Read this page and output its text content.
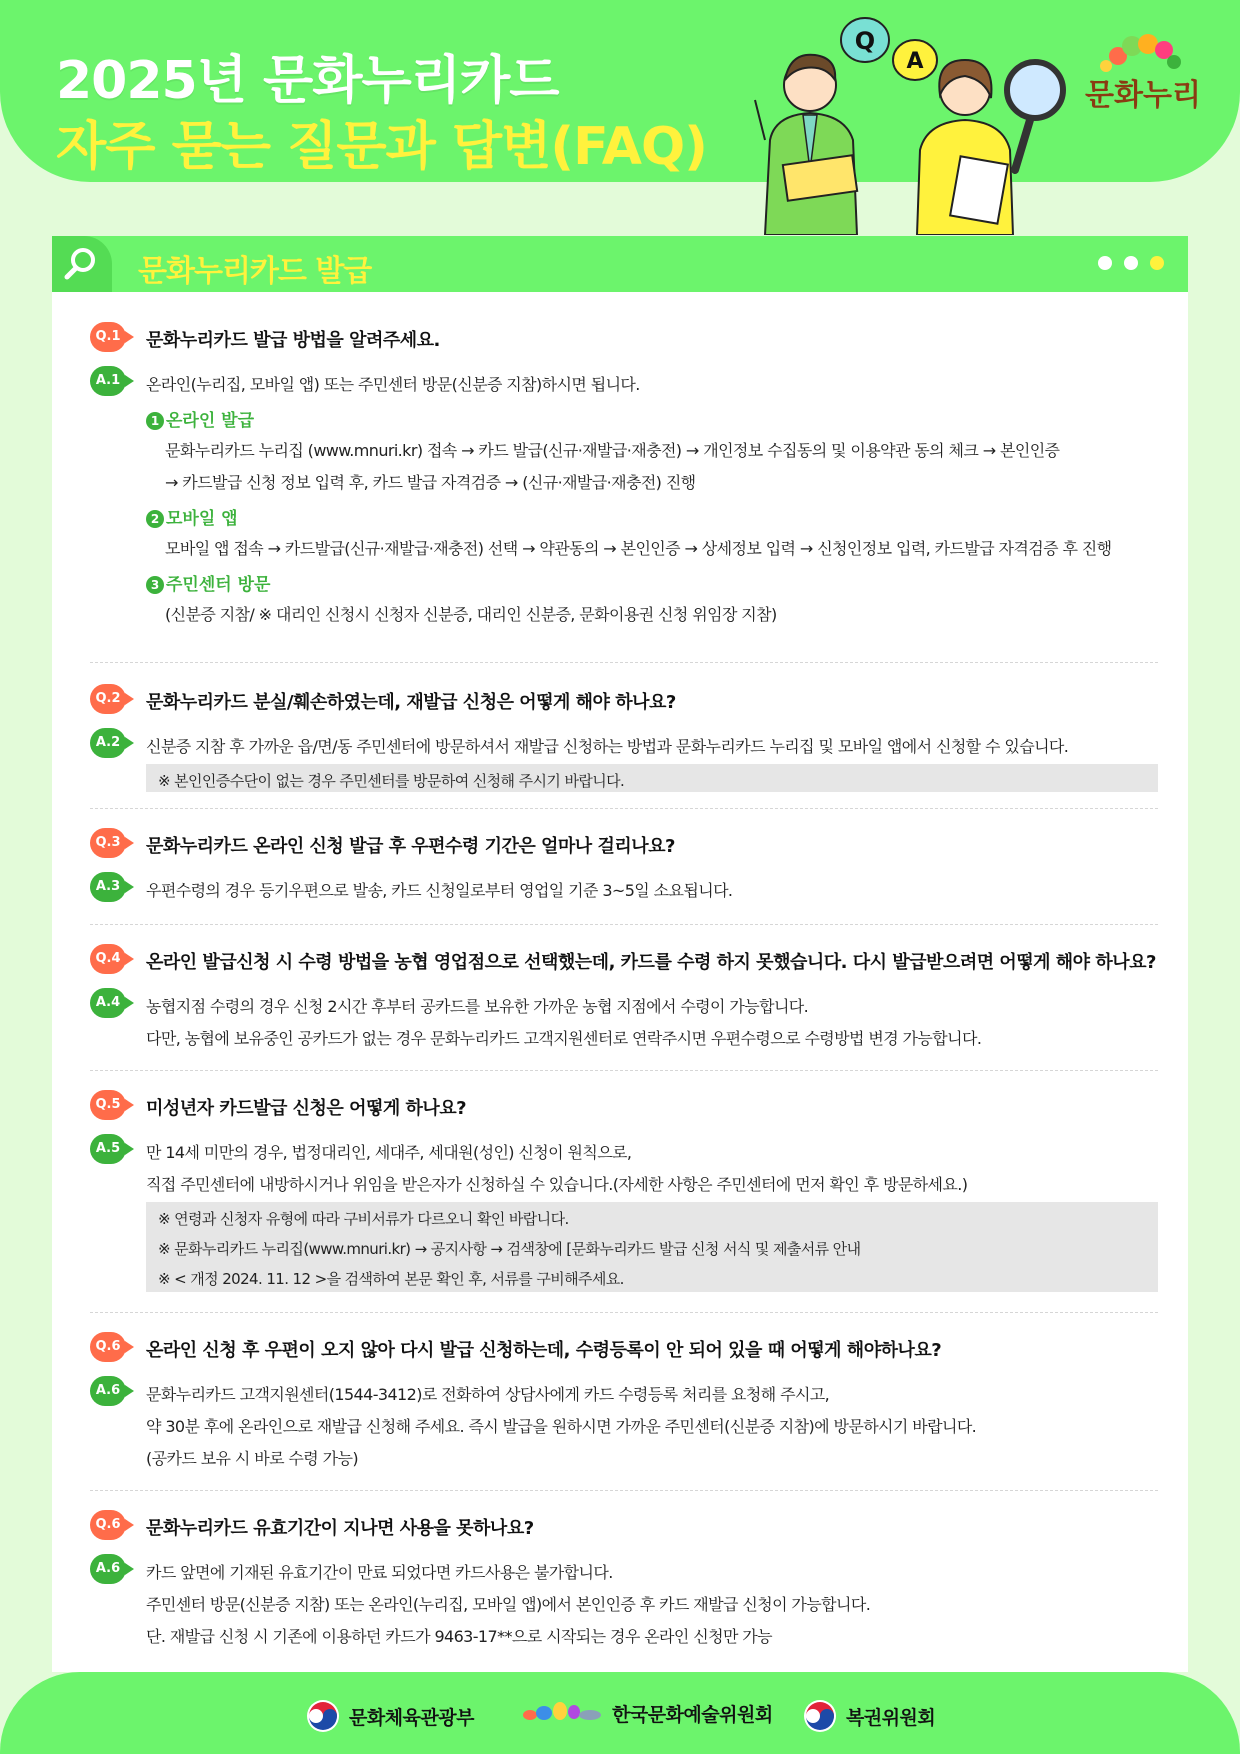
2025년 문화누리카드
자주 묻는 질문과 답변(FAQ)
Q
A
문화누리
문화누리카드 발급
Q.1	문화누리카드 발급 방법을 알려주세요.
A.1	온라인(누리집, 모바일 앱) 또는 주민센터 방문(신분증 지참)하시면 됩니다.
1 온라인 발급
문화누리카드 누리집 (www.mnuri.kr) 접속 → 카드 발급(신규·재발급·재충전) → 개인정보 수집동의 및 이용약관 동의 체크 → 본인인증
→ 카드발급 신청 정보 입력 후, 카드 발급 자격검증 → (신규·재발급·재충전) 진행
2 모바일 앱
모바일 앱 접속 → 카드발급(신규·재발급·재충전) 선택 → 약관동의 → 본인인증 → 상세정보 입력 → 신청인정보 입력, 카드발급 자격검증 후 진행
3 주민센터 방문
(신분증 지참/ ※ 대리인 신청시 신청자 신분증, 대리인 신분증, 문화이용권 신청 위임장 지참)
Q.2	문화누리카드 분실/훼손하였는데, 재발급 신청은 어떻게 해야 하나요?
A.2	신분증 지참 후 가까운 읍/면/동 주민센터에 방문하셔서 재발급 신청하는 방법과 문화누리카드 누리집 및 모바일 앱에서 신청할 수 있습니다.
※ 본인인증수단이 없는 경우 주민센터를 방문하여 신청해 주시기 바랍니다.
Q.3	문화누리카드 온라인 신청 발급 후 우편수령 기간은 얼마나 걸리나요?
A.3	우편수령의 경우 등기우편으로 발송, 카드 신청일로부터 영업일 기준 3~5일 소요됩니다.
Q.4	온라인 발급신청 시 수령 방법을 농협 영업점으로 선택했는데, 카드를 수령 하지 못했습니다. 다시 발급받으려면 어떻게 해야 하나요?
A.4	농협지점 수령의 경우 신청 2시간 후부터 공카드를 보유한 가까운 농협 지점에서 수령이 가능합니다.
다만, 농협에 보유중인 공카드가 없는 경우 문화누리카드 고객지원센터로 연락주시면 우편수령으로 수령방법 변경 가능합니다.
Q.5	미성년자 카드발급 신청은 어떻게 하나요?
A.5	만 14세 미만의 경우, 법정대리인, 세대주, 세대원(성인) 신청이 원칙으로,
직접 주민센터에 내방하시거나 위임을 받은자가 신청하실 수 있습니다.(자세한 사항은 주민센터에 먼저 확인 후 방문하세요.)
※ 연령과 신청자 유형에 따라 구비서류가 다르오니 확인 바랍니다.
※ 문화누리카드 누리집(www.mnuri.kr) → 공지사항 → 검색창에 [문화누리카드 발급 신청 서식 및 제출서류 안내
※ < 개정 2024. 11. 12 >을 검색하여 본문 확인 후, 서류를 구비해주세요.
Q.6	온라인 신청 후 우편이 오지 않아 다시 발급 신청하는데, 수령등록이 안 되어 있을 때 어떻게 해야하나요?
A.6	문화누리카드 고객지원센터(1544-3412)로 전화하여 상담사에게 카드 수령등록 처리를 요청해 주시고,
약 30분 후에 온라인으로 재발급 신청해 주세요. 즉시 발급을 원하시면 가까운 주민센터(신분증 지참)에 방문하시기 바랍니다.
(공카드 보유 시 바로 수령 가능)
Q.6	문화누리카드 유효기간이 지나면 사용을 못하나요?
A.6	카드 앞면에 기재된 유효기간이 만료 되었다면 카드사용은 불가합니다.
주민센터 방문(신분증 지참) 또는 온라인(누리집, 모바일 앱)에서 본인인증 후 카드 재발급 신청이 가능합니다.
단. 재발급 신청 시 기존에 이용하던 카드가 9463-17**으로 시작되는 경우 온라인 신청만 가능
문화체육관광부	한국문화예술위원회	복권위원회
